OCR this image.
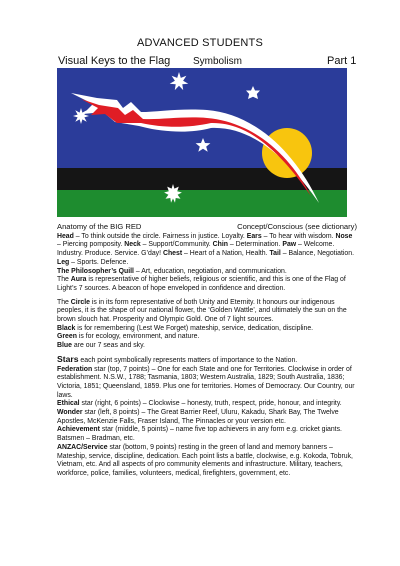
ADVANCED STUDENTS
Visual Keys to the Flag Symbolism	Part 1
Anatomy of the BIG RED	Concept/Conscious (see dictionary)

Head – To think outside the circle. Fairness in justice. Loyalty. Ears – To hear with wisdom. Nose – Piercing pomposity. Neck – Support/Community. Chin – Determination. Paw – Welcome. Industry. Produce. Service. G’day! Chest – Heart of a Nation, Health. Tail – Balance, Negotiation. Leg – Sports. Defence.

The Philosopher’s Quill – Art, education, negotiation, and communication.

The Aura is representative of higher beliefs, religious or scientific, and this is one of the Flag of Light’s 7 sources. A beacon of hope enveloped in confidence and direction.

The Circle is in its form representative of both Unity and Eternity. It honours our indigenous peoples, it is the shape of our national flower, the ‘Golden Wattle’, and ultimately the sun on the brown slouch hat. Prosperity and Olympic Gold. One of 7 light sources.

Black is for remembering (Lest We Forget) mateship, service, dedication, discipline.

Green is for ecology, environment, and nature.

Blue are our 7 seas and sky.

Stars each point symbolically represents matters of importance to the Nation.

Federation star (top, 7 points) – One for each State and one for Territories. Clockwise in order of establishment. N.S.W., 1788; Tasmania, 1803; Western Australia, 1829; South Australia, 1836; Victoria, 1851; Queensland, 1859. Plus one for territories. Homes of Democracy. Our Country, our laws.

Ethical star (right, 6 points) – Clockwise – honesty, truth, respect, pride, honour, and integrity.

Wonder star (left, 8 points) – The Great Barrier Reef, Uluru, Kakadu, Shark Bay, The Twelve Apostles, McKenzie Falls, Fraser Island, The Pinnacles or your version etc.

Achievement star (middle, 5 points) – name five top achievers in any form e.g. cricket giants. Batsmen – Bradman, etc.

ANZAC/Service star (bottom, 9 points) resting in the green of land and memory banners – Mateship, service, discipline, dedication. Each point lists a battle, clockwise, e.g. Kokoda, Tobruk, Vietnam, etc. And all aspects of pro community elements and infrastructure. Military, teachers, workforce, police, families, volunteers, medical, firefighters, government, etc.
